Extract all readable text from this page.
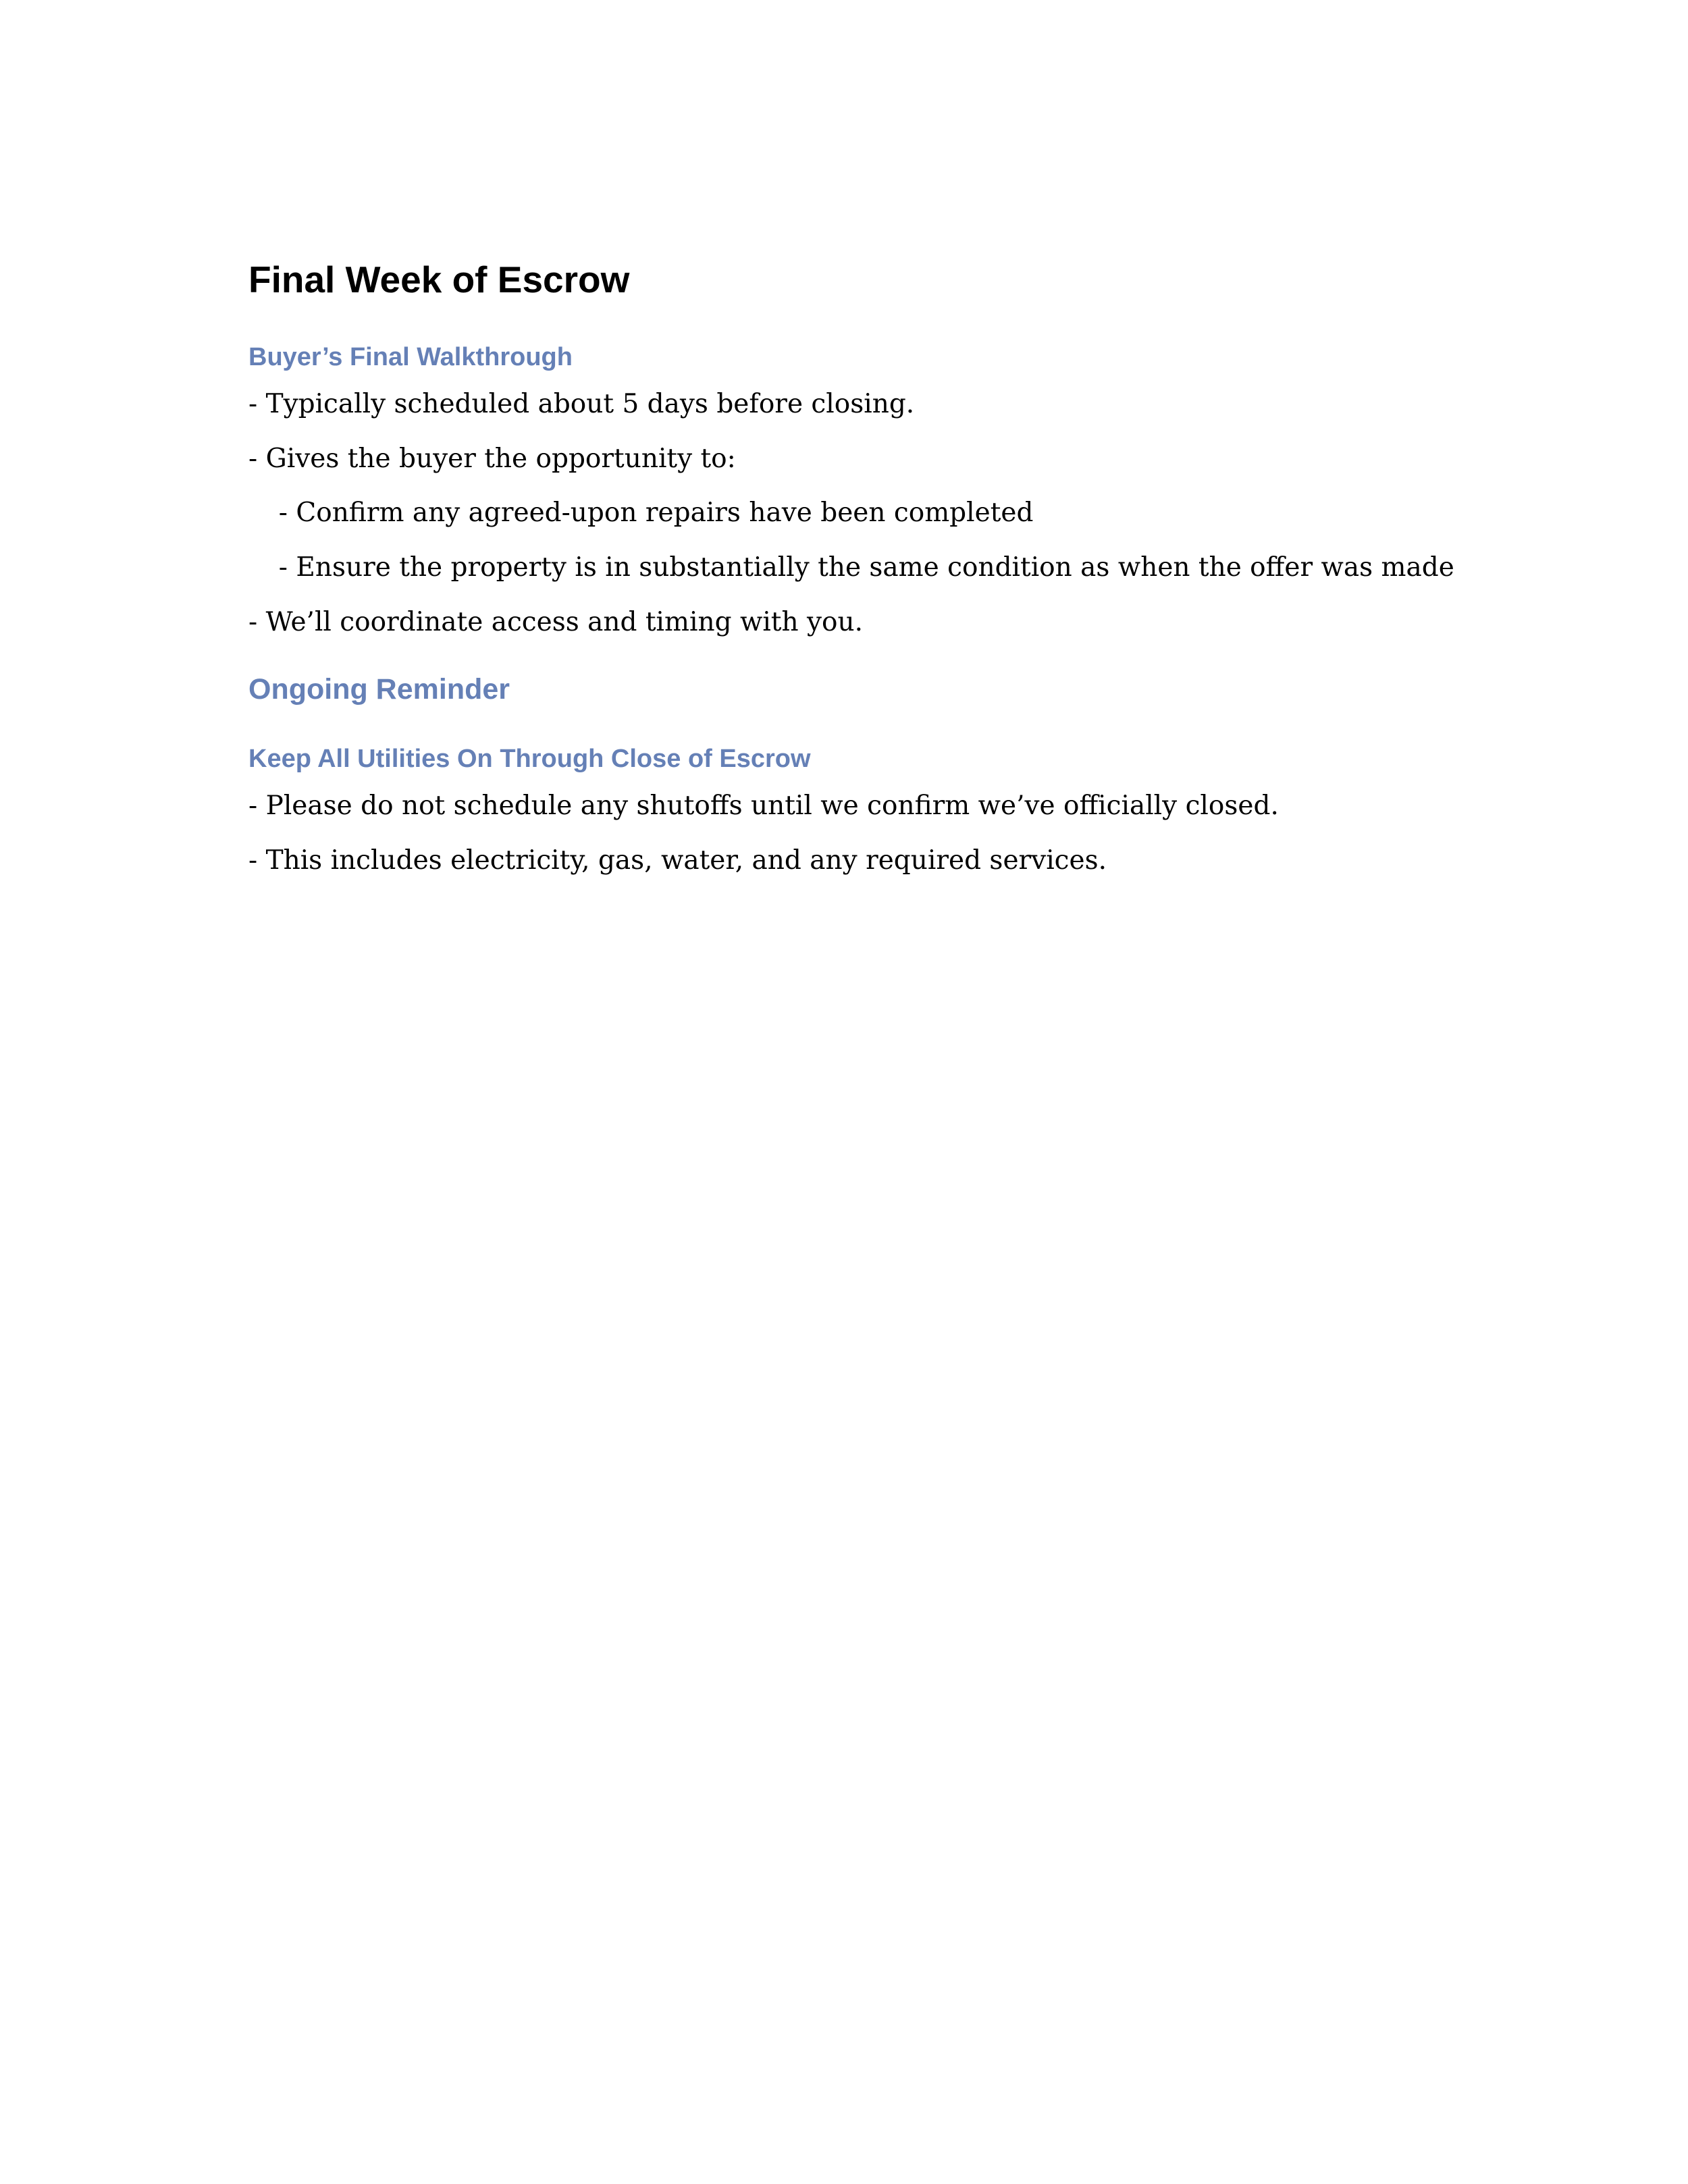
Final Week of Escrow
Buyer’s Final Walkthrough

- Typically scheduled about 5 days before closing.

- Gives the buyer the opportunity to:

- Confirm any agreed-upon repairs have been completed

- Ensure the property is in substantially the same condition as when the offer was made

- We’ll coordinate access and timing with you.

Ongoing Reminder
Keep All Utilities On Through Close of Escrow

- Please do not schedule any shutoffs until we confirm we’ve officially closed.

- This includes electricity, gas, water, and any required services.
